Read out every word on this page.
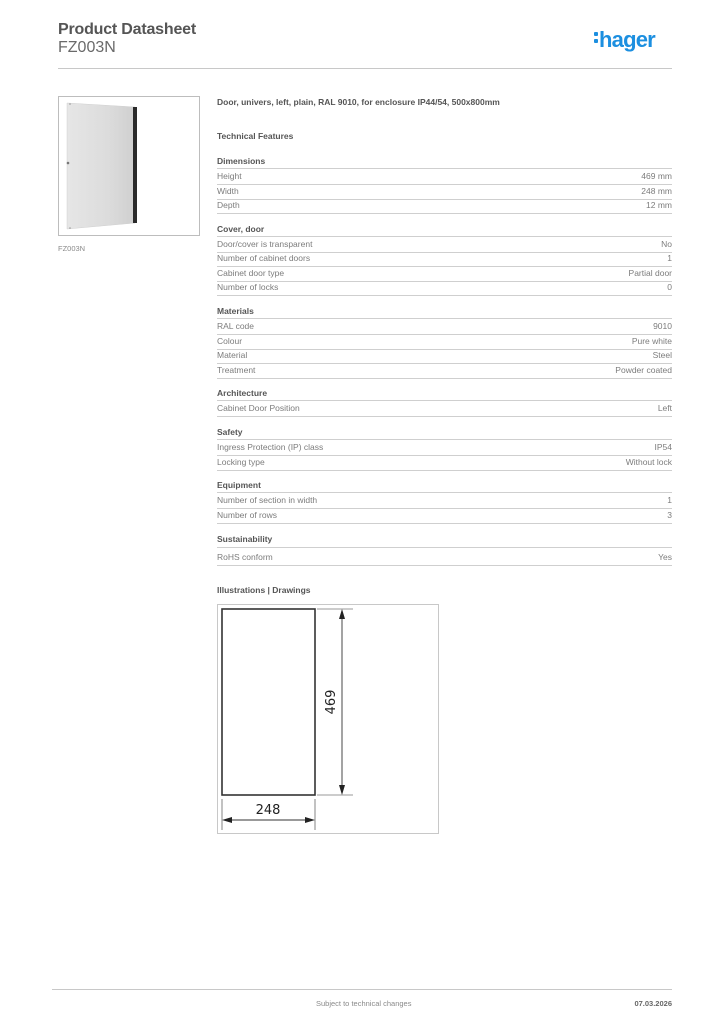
Product Datasheet
FZ003N	hager
FZ003N
Door, univers, left, plain, RAL 9010, for enclosure IP44/54, 500x800mm
Technical Features
Dimensions
Height	469 mm
Width	248 mm
Depth	12 mm
Cover, door
Door/cover is transparent	No
Number of cabinet doors	1
Cabinet door type	Partial door
Number of locks	0
Materials
RAL code	9010
Colour	Pure white
Material	Steel
Treatment	Powder coated
Architecture
Cabinet Door Position	Left
Safety
Ingress Protection (IP) class	IP54
Locking type	Without lock
Equipment
Number of section in width	1
Number of rows	3
Sustainability
RoHS conform	Yes
Illustrations | Drawings
469
248
Subject to technical changes	07.03.2026
